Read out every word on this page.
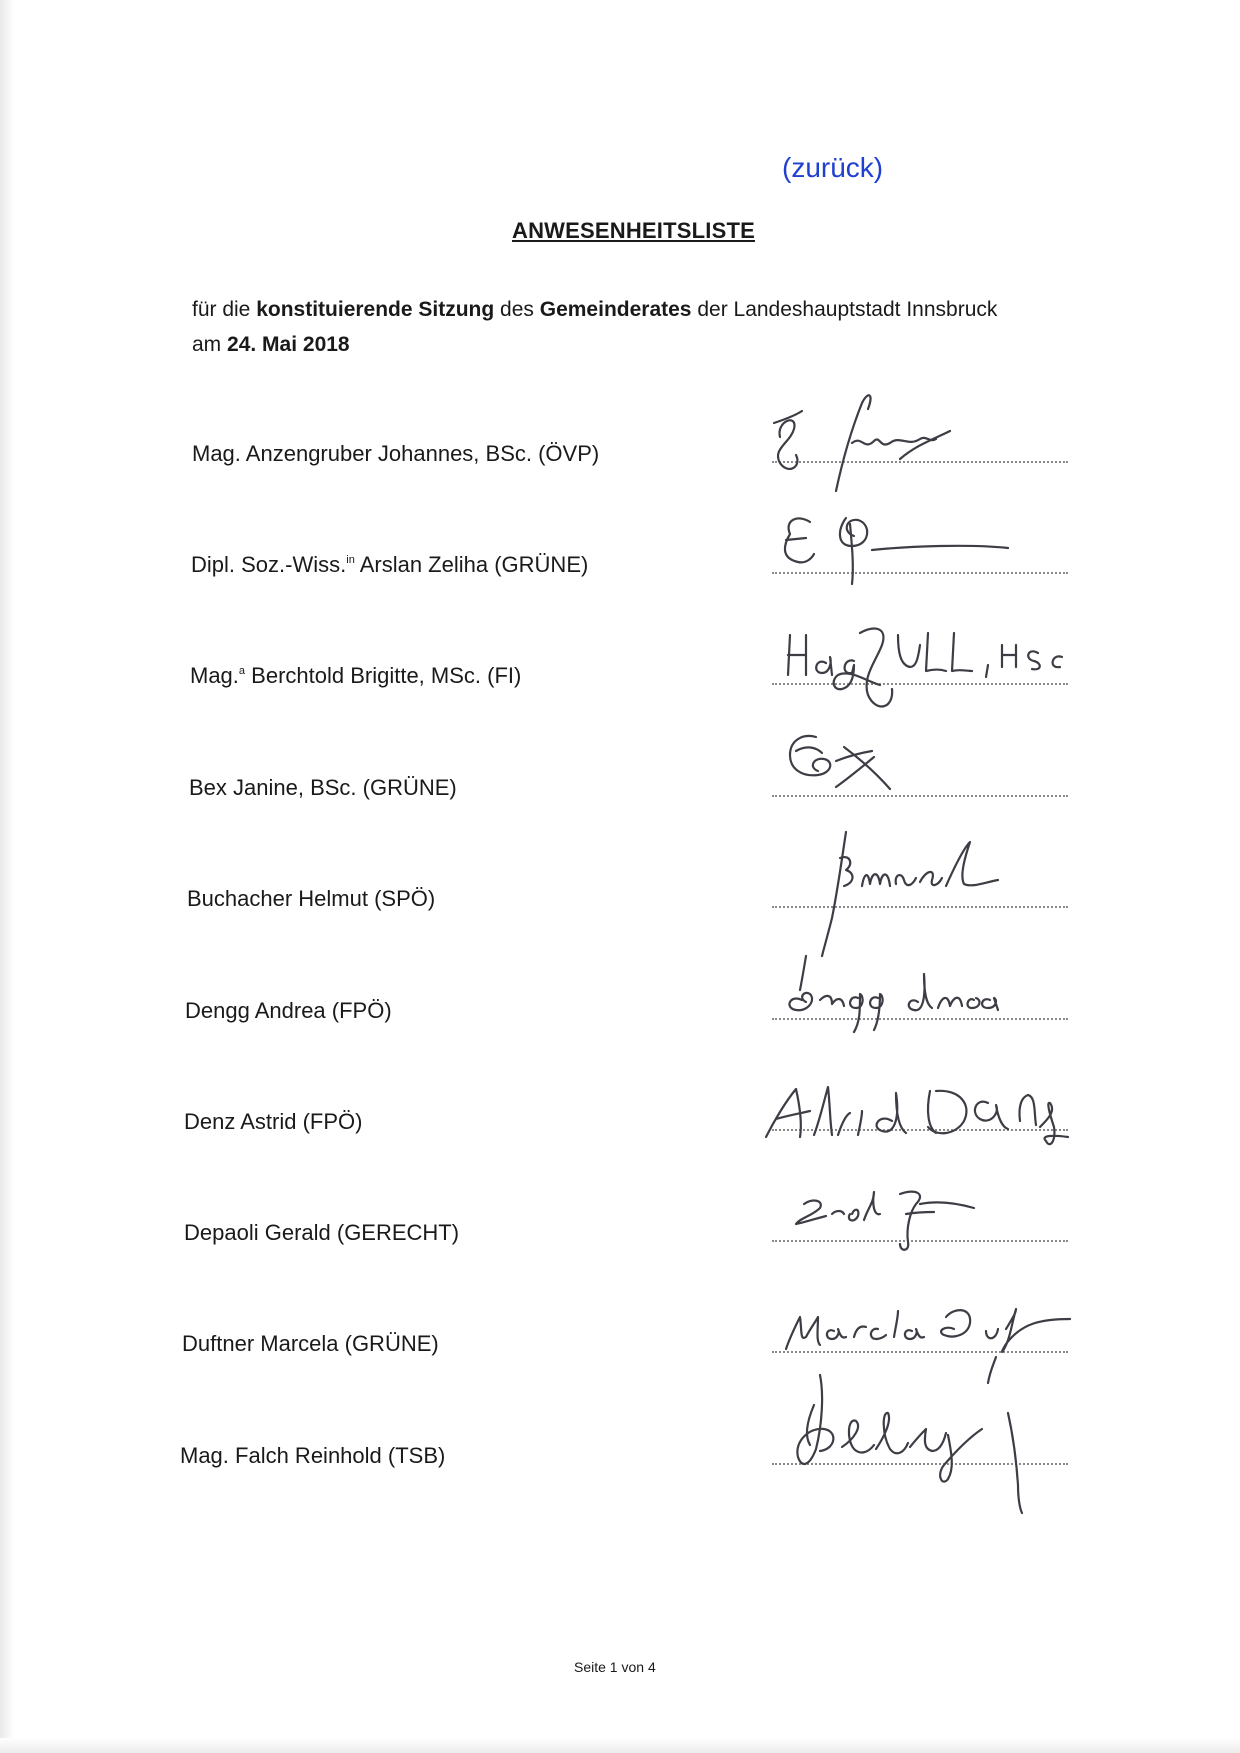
(zurück)
ANWESENHEITSLISTE
für die konstituierende Sitzung des Gemeinderates der Landeshauptstadt Innsbruck
am 24. Mai 2018
Mag. Anzengruber Johannes, BSc. (ÖVP)
Dipl. Soz.-Wiss.$^{in}$ Arslan Zeliha (GRÜNE)
Mag.$^a$ Berchtold Brigitte, MSc. (FI)
Bex Janine, BSc. (GRÜNE)
Buchacher Helmut (SPÖ)
Dengg Andrea (FPÖ)
Denz Astrid (FPÖ)
Depaoli Gerald (GERECHT)
Duftner Marcela (GRÜNE)
Mag. Falch Reinhold (TSB)
Seite 1 von 4
